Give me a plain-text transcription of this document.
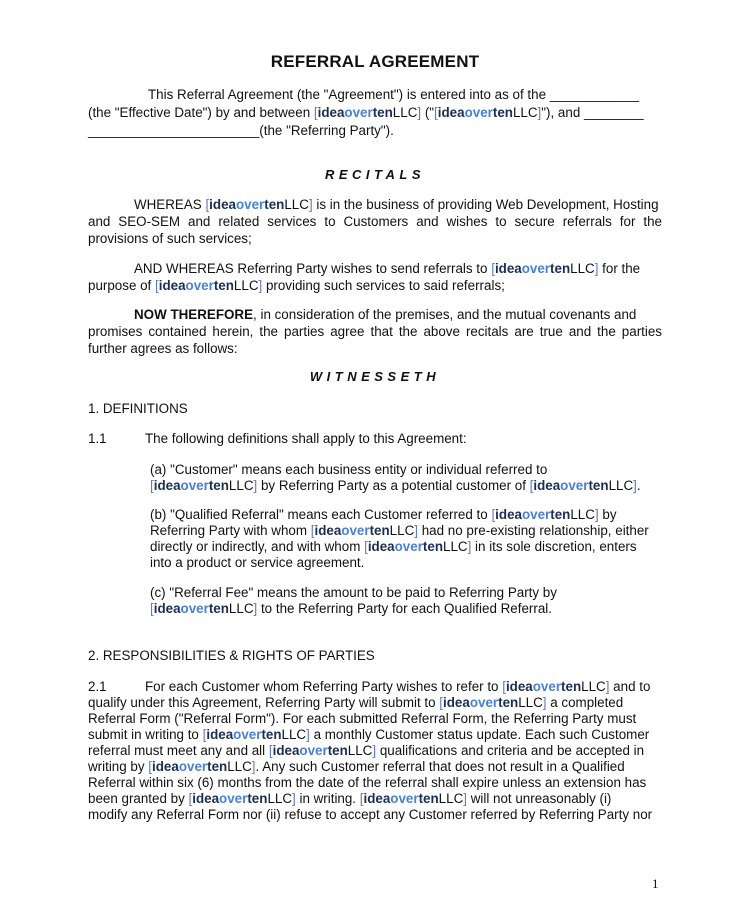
REFERRAL AGREEMENT
This Referral Agreement (the "Agreement") is entered into as of the ____________
(the "Effective Date") by and between [ideaovertenLLC] ("[ideaovertenLLC]"), and ________
_______________________(the "Referring Party").
RECITALS
WHEREAS [ideaovertenLLC] is in the business of providing Web Development, Hosting
and SEO-SEM and related services to Customers and wishes to secure referrals for the
provisions of such services;
AND WHEREAS Referring Party wishes to send referrals to [ideaovertenLLC] for the
purpose of [ideaovertenLLC] providing such services to said referrals;
NOW THEREFORE, in consideration of the premises, and the mutual covenants and
promises contained herein, the parties agree that the above recitals are true and the parties
further agrees as follows:
WITNESSETH
1. DEFINITIONS
1.1	The following definitions shall apply to this Agreement:
(a) "Customer" means each business entity or individual referred to
[ideaovertenLLC] by Referring Party as a potential customer of [ideaovertenLLC].
(b) "Qualified Referral" means each Customer referred to [ideaovertenLLC] by
Referring Party with whom [ideaovertenLLC] had no pre-existing relationship, either
directly or indirectly, and with whom [ideaovertenLLC] in its sole discretion, enters
into a product or service agreement.
(c) "Referral Fee" means the amount to be paid to Referring Party by
[ideaovertenLLC] to the Referring Party for each Qualified Referral.
2. RESPONSIBILITIES & RIGHTS OF PARTIES
2.1	For each Customer whom Referring Party wishes to refer to [ideaovertenLLC] and to
qualify under this Agreement, Referring Party will submit to [ideaovertenLLC] a completed
Referral Form ("Referral Form"). For each submitted Referral Form, the Referring Party must
submit in writing to [ideaovertenLLC] a monthly Customer status update. Each such Customer
referral must meet any and all [ideaovertenLLC] qualifications and criteria and be accepted in
writing by [ideaovertenLLC]. Any such Customer referral that does not result in a Qualified
Referral within six (6) months from the date of the referral shall expire unless an extension has
been granted by [ideaovertenLLC] in writing. [ideaovertenLLC] will not unreasonably (i)
modify any Referral Form nor (ii) refuse to accept any Customer referred by Referring Party nor
1
